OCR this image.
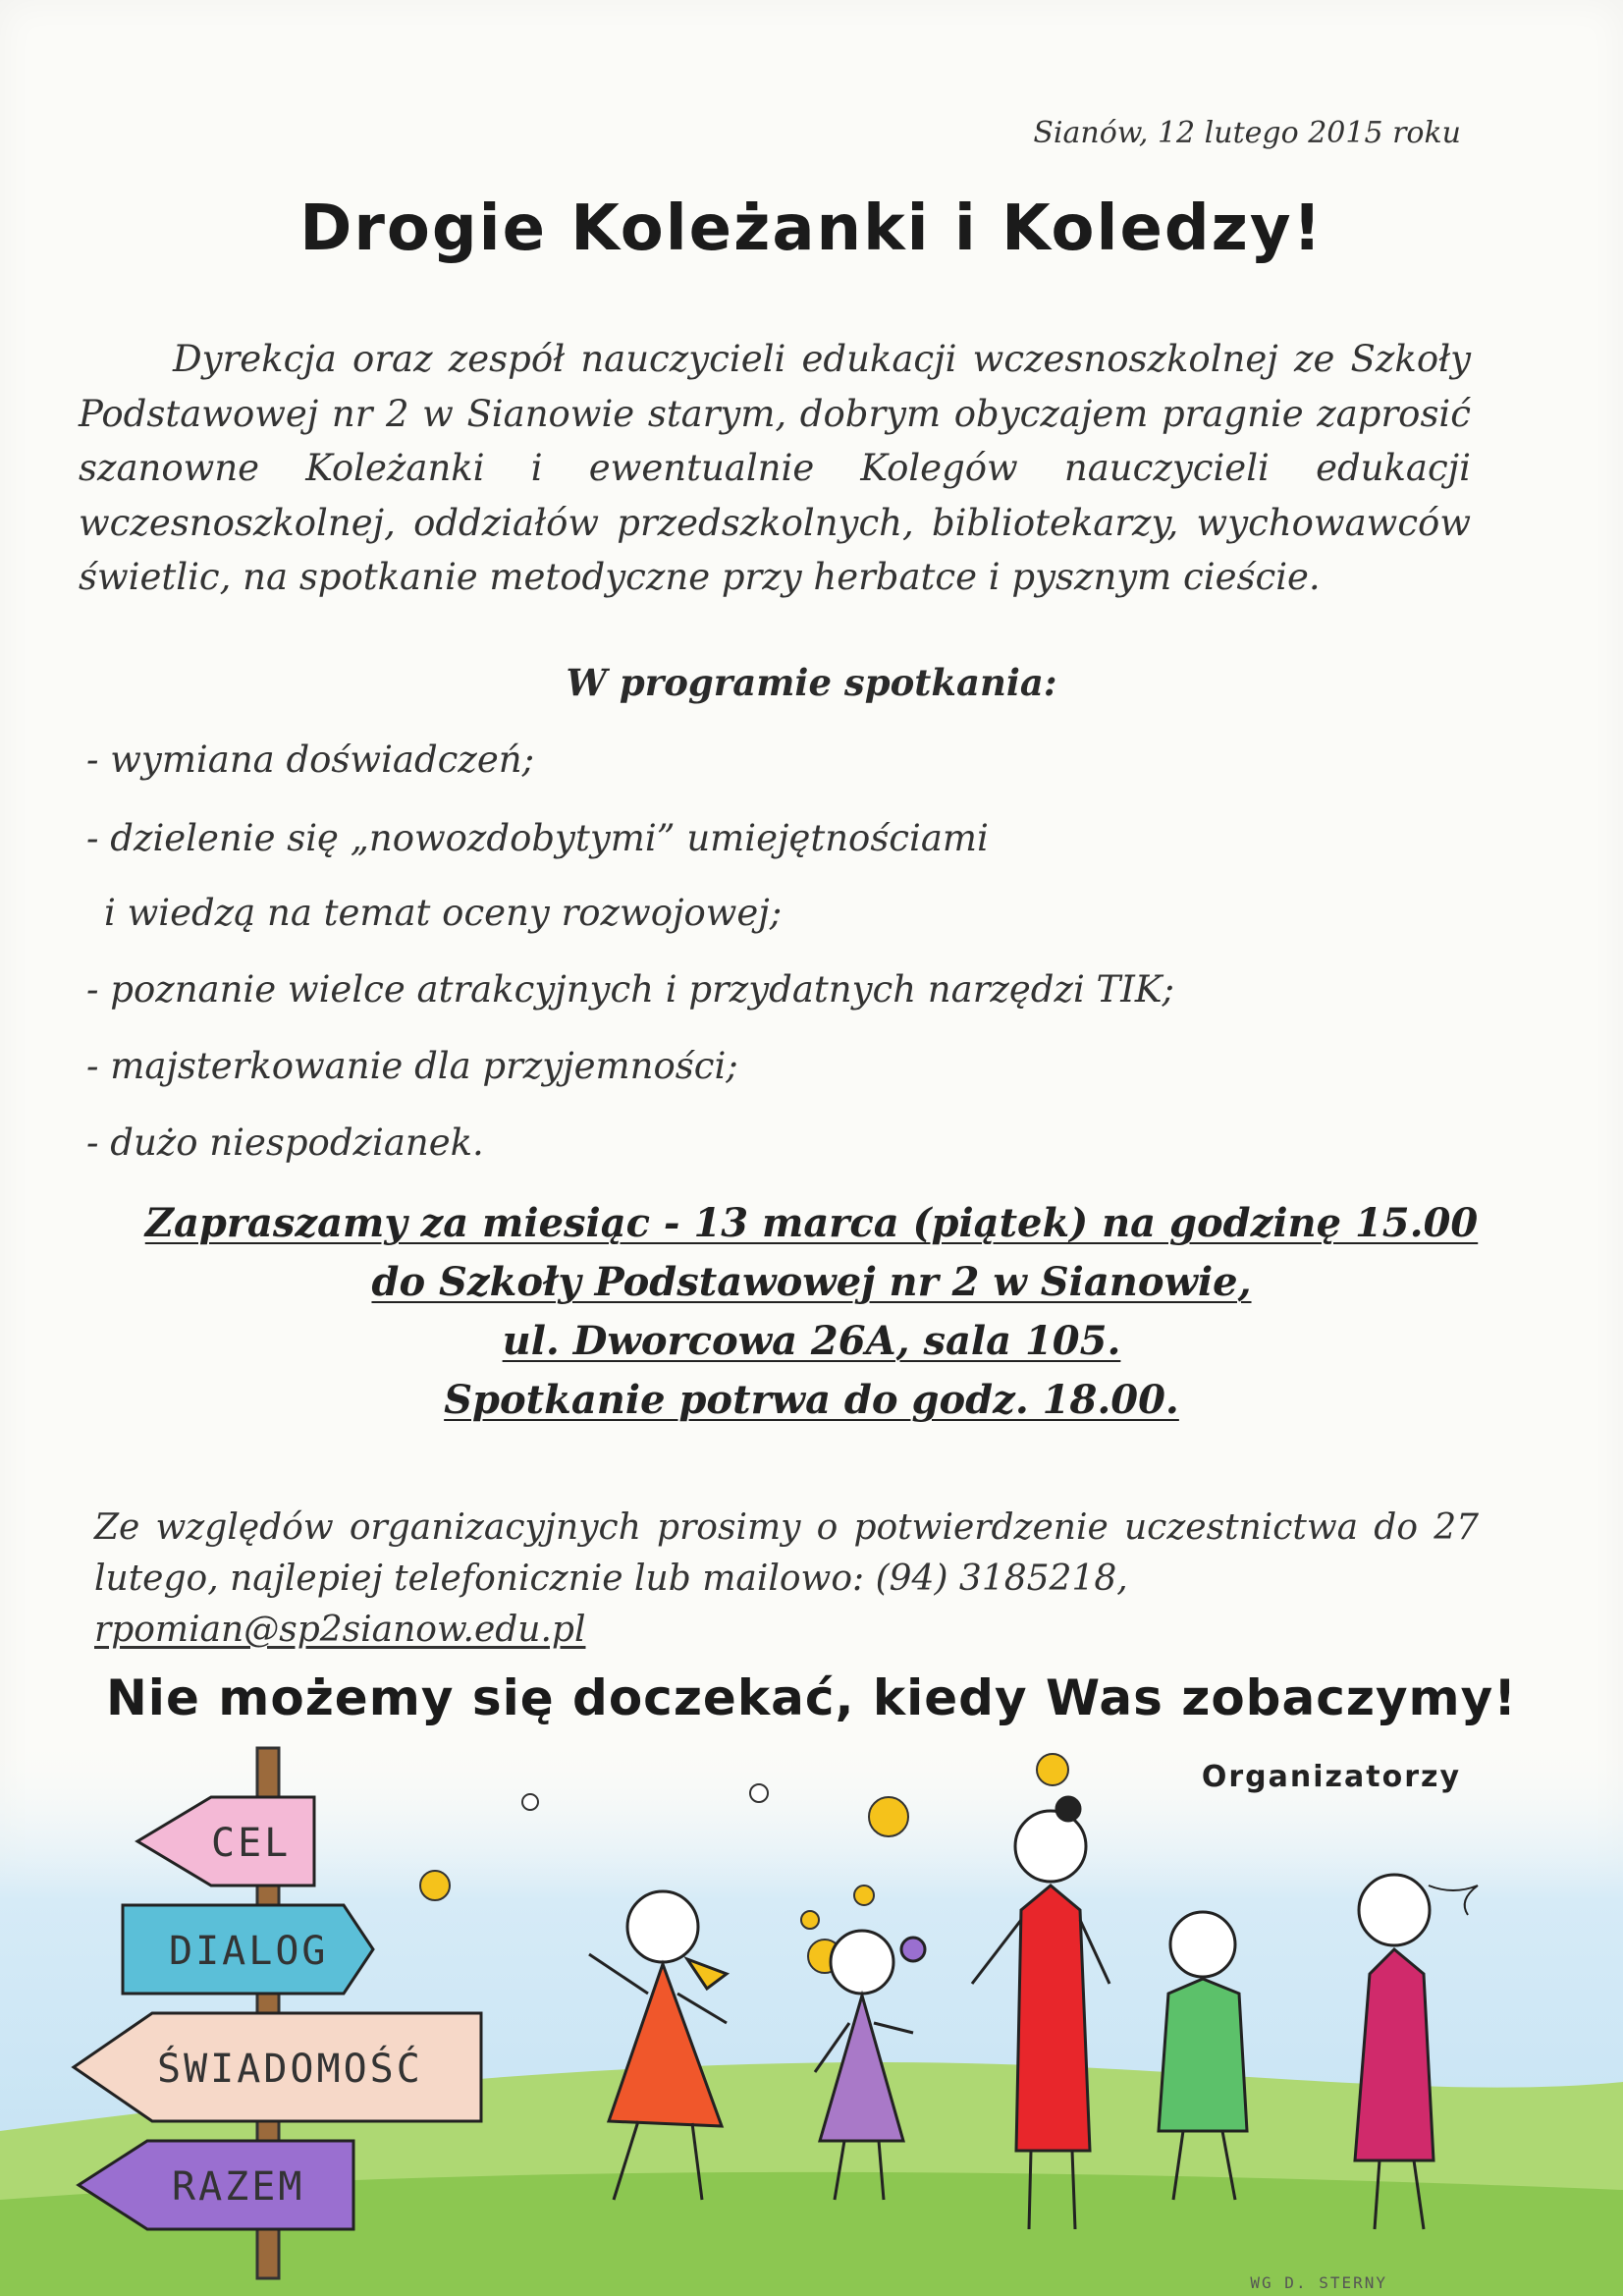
Sianów, 12 lutego 2015 roku
Drogie Koleżanki i Koledzy!
Dyrekcja oraz zespół nauczycieli edukacji wczesnoszkolnej ze Szkoły Podstawowej nr 2 w Sianowie starym, dobrym obyczajem pragnie zaprosić szanowne Koleżanki i ewentualnie Kolegów nauczycieli edukacji wczesnoszkolnej, oddziałów przedszkolnych, bibliotekarzy, wychowawców świetlic, na spotkanie metodyczne przy herbatce i pysznym cieście.
W programie spotkania:
- wymiana doświadczeń;
- dzielenie się „nowozdobytymi” umiejętnościami
i wiedzą na temat oceny rozwojowej;
- poznanie wielce atrakcyjnych i przydatnych narzędzi TIK;
- majsterkowanie dla przyjemności;
- dużo niespodzianek.
Zapraszamy za miesiąc - 13 marca (piątek) na godzinę 15.00
do Szkoły Podstawowej nr 2 w Sianowie,
ul. Dworcowa 26A, sala 105.
Spotkanie potrwa do godz. 18.00.
Ze względów organizacyjnych prosimy o potwierdzenie uczestnictwa do 27 lutego, najlepiej telefonicznie lub mailowo: (94) 3185218,
rpomian@sp2sianow.edu.pl
CEL
DIALOG
ŚWIADOMOŚĆ
RAZEM
Nie możemy się doczekać, kiedy Was zobaczymy!
Organizatorzy
WG D. STERNY
